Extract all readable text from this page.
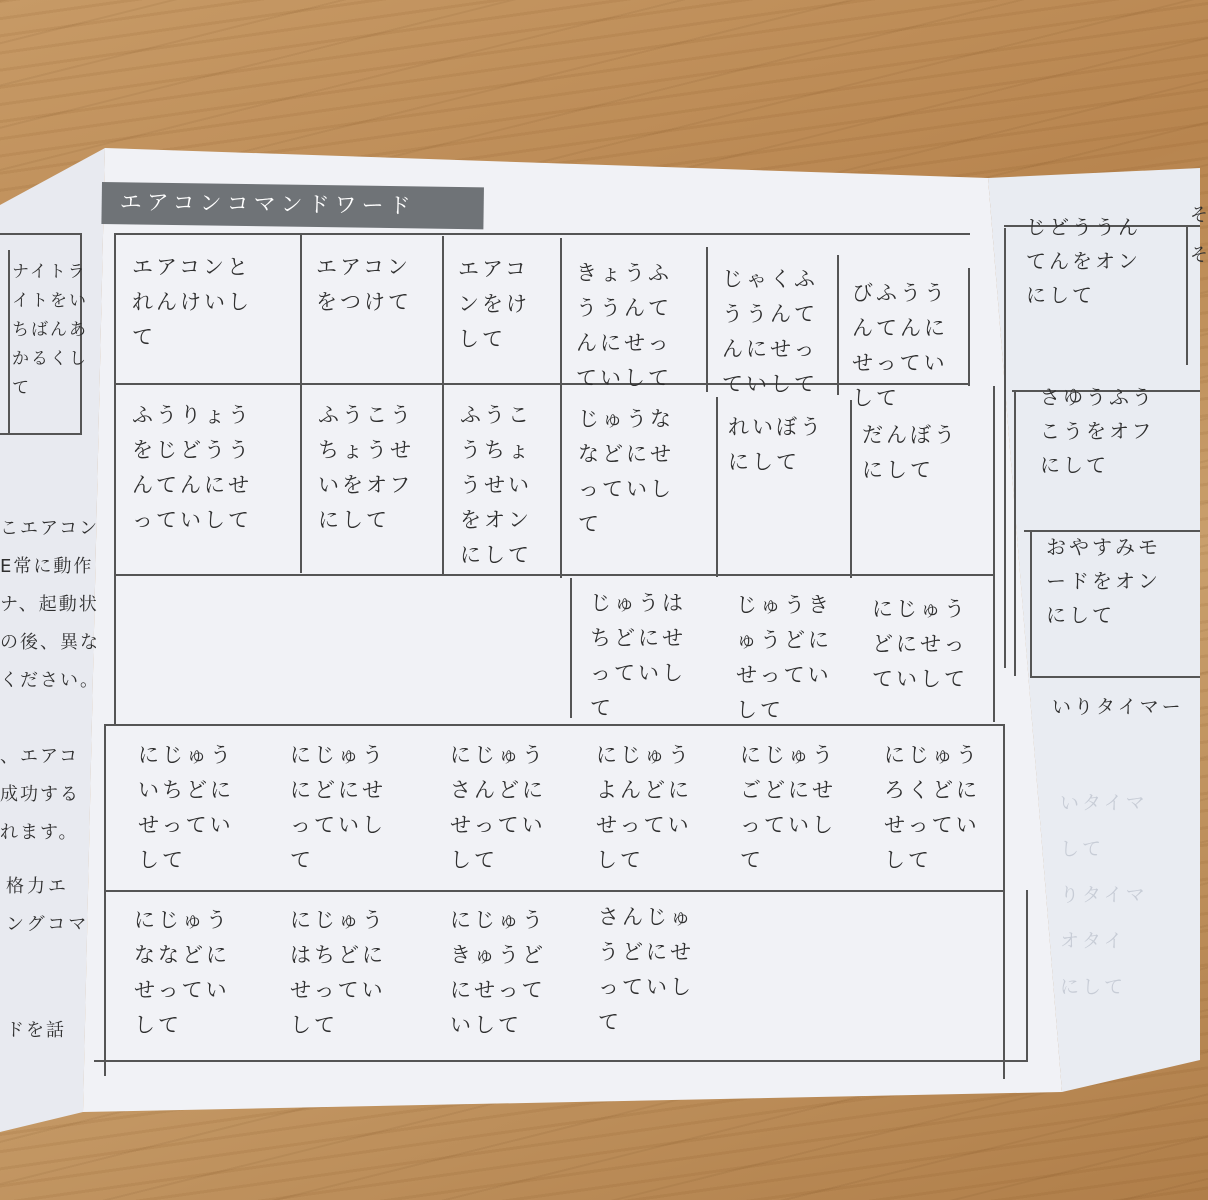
エアコンコマンドワード
エアコンと
れんけいし
て
エアコン
をつけて
エアコ
ンをけ
して
きょうふ
ううんて
んにせっ
ていして
じゃくふ
ううんて
んにせっ
ていして
びふうう
んてんに
せってい
して
ふうりょう
をじどうう
んてんにせ
っていして
ふうこう
ちょうせ
いをオフ
にして
ふうこ
うちょ
うせい
をオン
にして
じゅうな
などにせ
っていし
て
れいぼう
にして
だんぼう
にして
じゅうは
ちどにせ
っていし
て
じゅうき
ゅうどに
せってい
して
にじゅう
どにせっ
ていして
にじゅう
いちどに
せってい
して
にじゅう
にどにせ
っていし
て
にじゅう
さんどに
せってい
して
にじゅう
よんどに
せってい
して
にじゅう
ごどにせ
っていし
て
にじゅう
ろくどに
せってい
して
にじゅう
ななどに
せってい
して
にじゅう
はちどに
せってい
して
にじゅう
きゅうど
にせって
いして
さんじゅ
うどにせ
っていし
て
ナイトラ
イトをい
ちばんあ
かるくし
て
こエアコン
E常に動作
ナ、起動状
の後、異な
ください。
、エアコ
成功する
れます。
格力エ
ングコマ
ドを話
じどううん
てんをオン
にして
さゆうふう
こうをオフ
にして
おやすみモ
ードをオン
にして
いりタイマー
そ
そ
いタイマ
して
りタイマ
オタイ
にして
